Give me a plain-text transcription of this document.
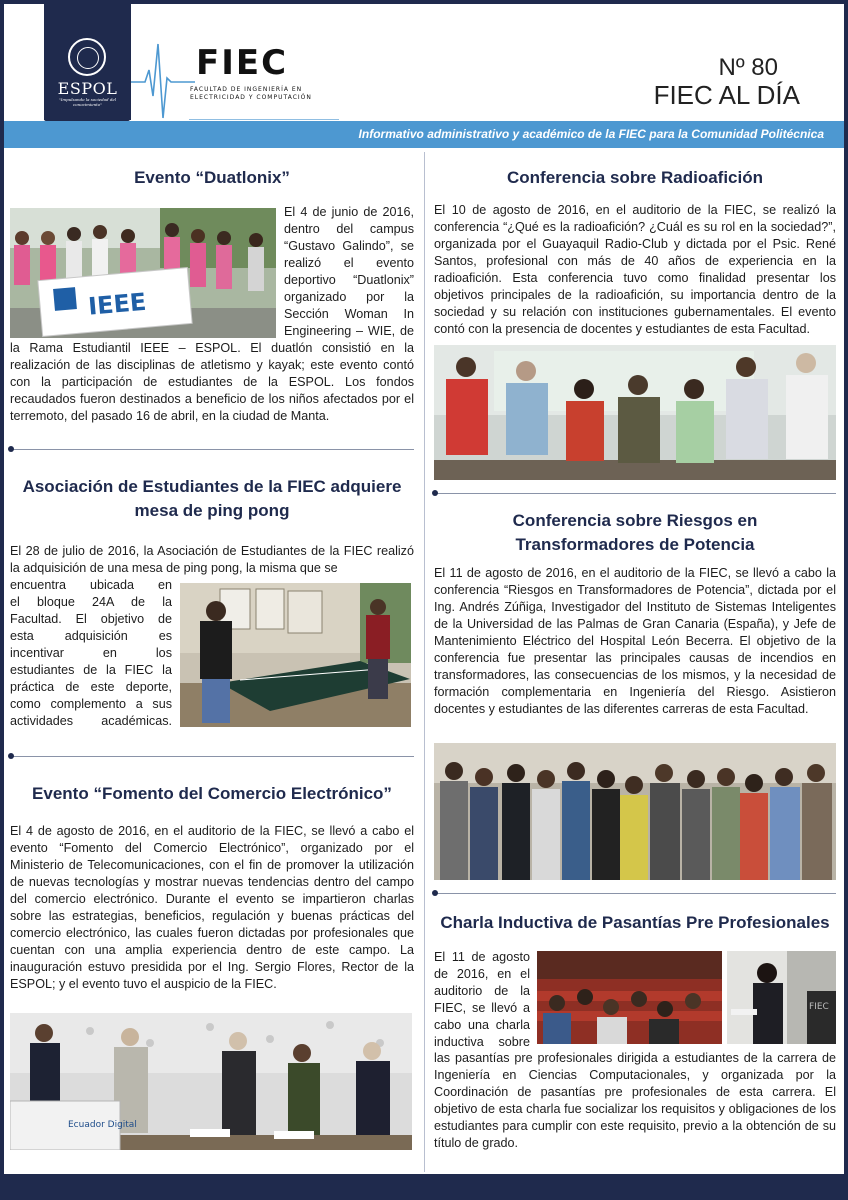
ESPOL
"Impulsando la sociedad del conocimiento"
FIEC
FACULTAD DE INGENIERÍA EN
ELECTRICIDAD Y COMPUTACIÓN
Nº 80
FIEC AL DÍA
Informativo administrativo y académico de la FIEC para la Comunidad Politécnica
Evento “Duatlonix”
IEEE
El 4 de junio de 2016,
dentro del campus
“Gustavo Galindo”, se
realizó el evento
deportivo “Duatlonix”
organizado por la
Sección Woman In
Engineering – WIE, de
la Rama Estudiantil IEEE – ESPOL. El duatlón consistió en la realización de las disciplinas de atletismo y kayak; este evento contó con la participación de estudiantes de la ESPOL. Los fondos recaudados fueron destinados a beneficio de los niños afectados por el terremoto, del pasado 16 de abril, en la ciudad de Manta.
Asociación de Estudiantes de la FIEC adquiere
mesa de ping pong
El 28 de julio de 2016, la Asociación de Estudiantes de la FIEC realizó la adquisición de una mesa de ping pong, la misma que se
encuentra ubicada en
el bloque 24A de la
Facultad. El objetivo de
esta adquisición es
incentivar en los
estudiantes de la FIEC la
práctica de este deporte,
como complemento a sus
actividades académicas.
Evento “Fomento del Comercio Electrónico”
El 4 de agosto de 2016, en el auditorio de la FIEC, se llevó a cabo el evento “Fomento del Comercio Electrónico”, organizado por el Ministerio de Telecomunicaciones, con el fin de promover la utilización de nuevas tecnologías y mostrar nuevas tendencias dentro del campo del comercio electrónico. Durante el evento se impartieron charlas sobre las estrategias, beneficios, regulación y buenas prácticas del comercio electrónico, las cuales fueron dictadas por profesionales que cuentan con una amplia experiencia dentro de este campo. La inauguración estuvo presidida por el Ing. Sergio Flores, Rector de la ESPOL; y el evento tuvo el auspicio de la FIEC.
Ecuador Digital
Conferencia sobre Radioafición
El 10 de agosto de 2016, en el auditorio de la FIEC, se realizó la conferencia “¿Qué es la radioafición? ¿Cuál es su rol en la sociedad?”, organizada por el Guayaquil Radio-Club y dictada por el Psic. René Santos, profesional con más de 40 años de experiencia en la radioafición. Esta conferencia tuvo como finalidad presentar los objetivos principales de la radioafición, su importancia dentro de la sociedad y su relación con instituciones gubernamentales. El evento contó con la presencia de docentes y estudiantes de esta Facultad.
Conferencia sobre Riesgos en
Transformadores de Potencia
El 11 de agosto de 2016, en el auditorio de la FIEC, se llevó a cabo la conferencia “Riesgos en Transformadores de Potencia”, dictada por el Ing. Andrés Zúñiga, Investigador del Instituto de Sistemas Inteligentes de la Universidad de las Palmas de Gran Canaria (España), y Jefe de Mantenimiento Eléctrico del Hospital León Becerra. El objetivo de la conferencia fue presentar las principales causas de incendios en transformadores, las consecuencias de los mismos, y la necesidad de formación complementaria en Ingeniería del Riesgo. Asistieron docentes y estudiantes de las diferentes carreras de esta Facultad.
Charla Inductiva de Pasantías Pre Profesionales
El 11 de agosto
de 2016, en el
auditorio de la
FIEC, se llevó a
cabo una charla
inductiva sobre
FIEC
las pasantías pre profesionales dirigida a estudiantes de la carrera de Ingeniería en Ciencias Computacionales, y organizada por la Coordinación de pasantías pre profesionales de esta carrera. El objetivo de esta charla fue socializar los requisitos y obligaciones de los estudiantes para cumplir con este requisito, previo a la obtención de su título de grado.
